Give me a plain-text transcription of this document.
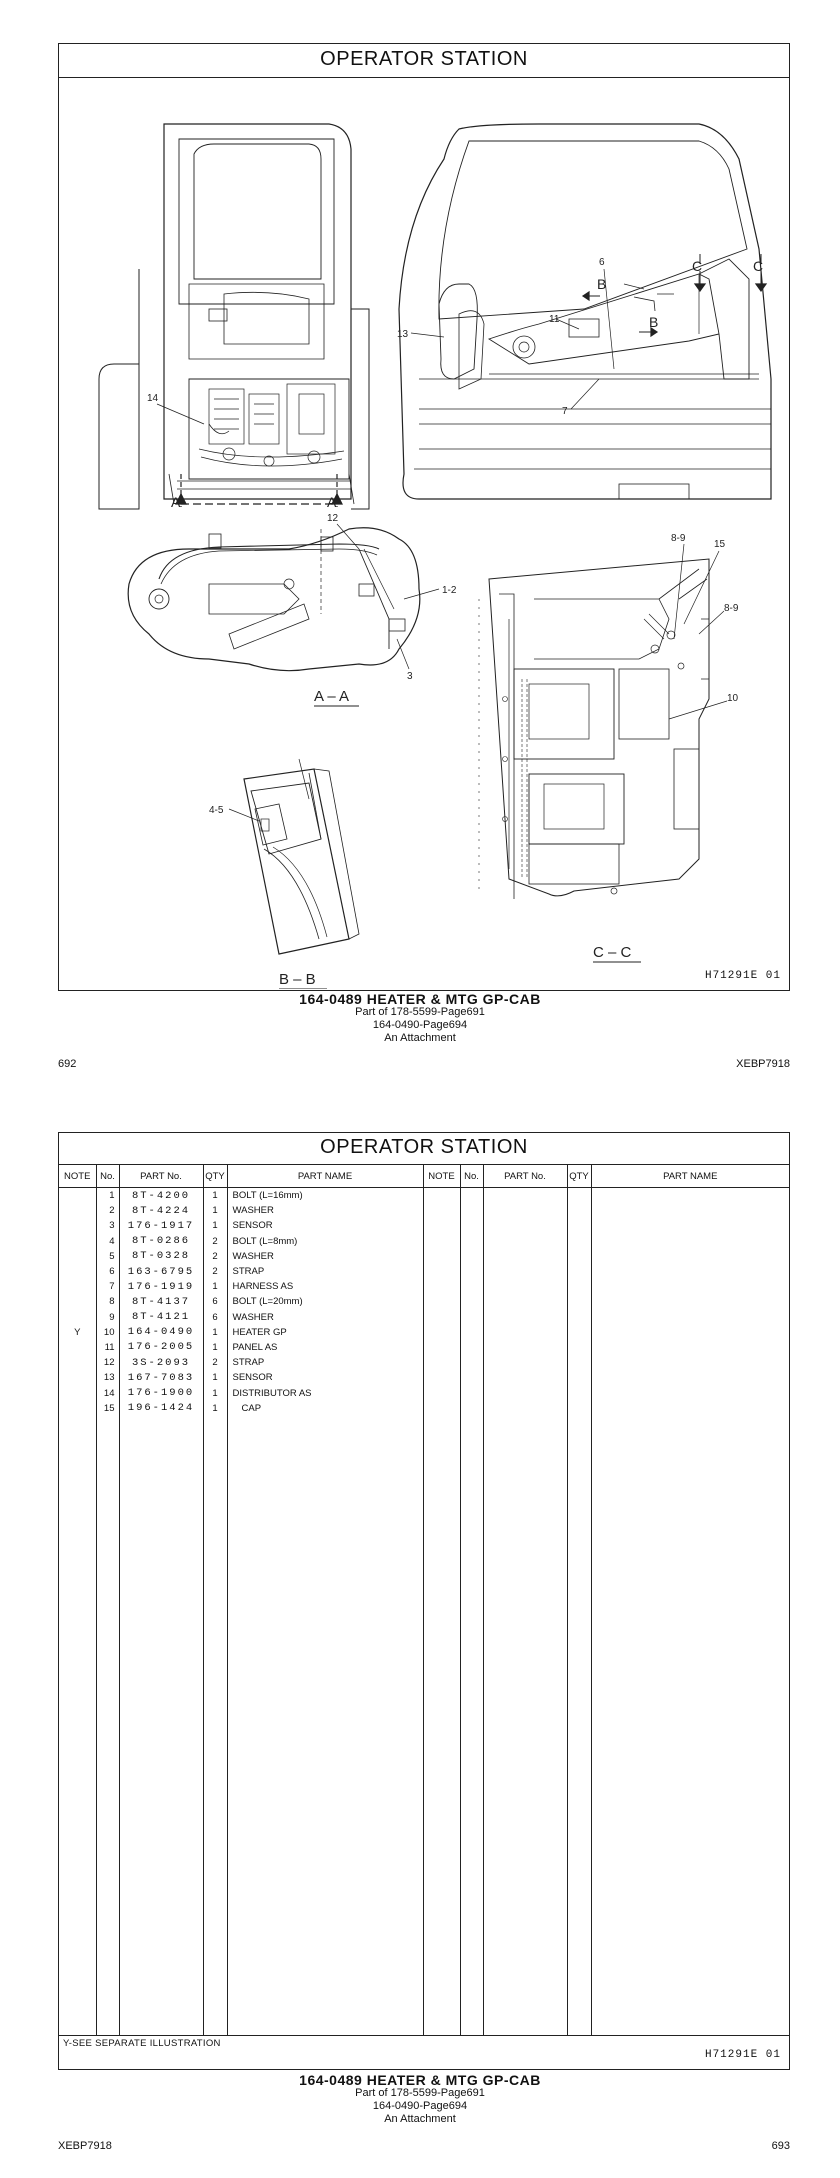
OPERATOR STATION
A	A
14
B
B
C	C
6
11
13
7
12
1-2
3
A – A
4-5
B – B
8-9
15
8-9
10
C – C
H71291E 01
164-0489 HEATER & MTG GP-CAB
Part of 178-5599-Page691
164-0490-Page694
An Attachment
692	XEBP7918
OPERATOR STATION
NOTE	No.	PART No.	QTY	PART NAME	NOTE	No.	PART No.	QTY	PART NAME
	1	8T-4200	1	BOLT (L=16mm)					
	2	8T-4224	1	WASHER					
	3	176-1917	1	SENSOR					
	4	8T-0286	2	BOLT (L=8mm)					
	5	8T-0328	2	WASHER					
	6	163-6795	2	STRAP					
	7	176-1919	1	HARNESS AS					
	8	8T-4137	6	BOLT (L=20mm)					
	9	8T-4121	6	WASHER					
Y	10	164-0490	1	HEATER GP					
	11	176-2005	1	PANEL AS					
	12	3S-2093	2	STRAP					
	13	167-7083	1	SENSOR					
	14	176-1900	1	DISTRIBUTOR AS					
	15	196-1424	1	CAP					

Y-SEE SEPARATE ILLUSTRATION
H71291E 01
164-0489 HEATER & MTG GP-CAB
Part of 178-5599-Page691
164-0490-Page694
An Attachment
XEBP7918	693
